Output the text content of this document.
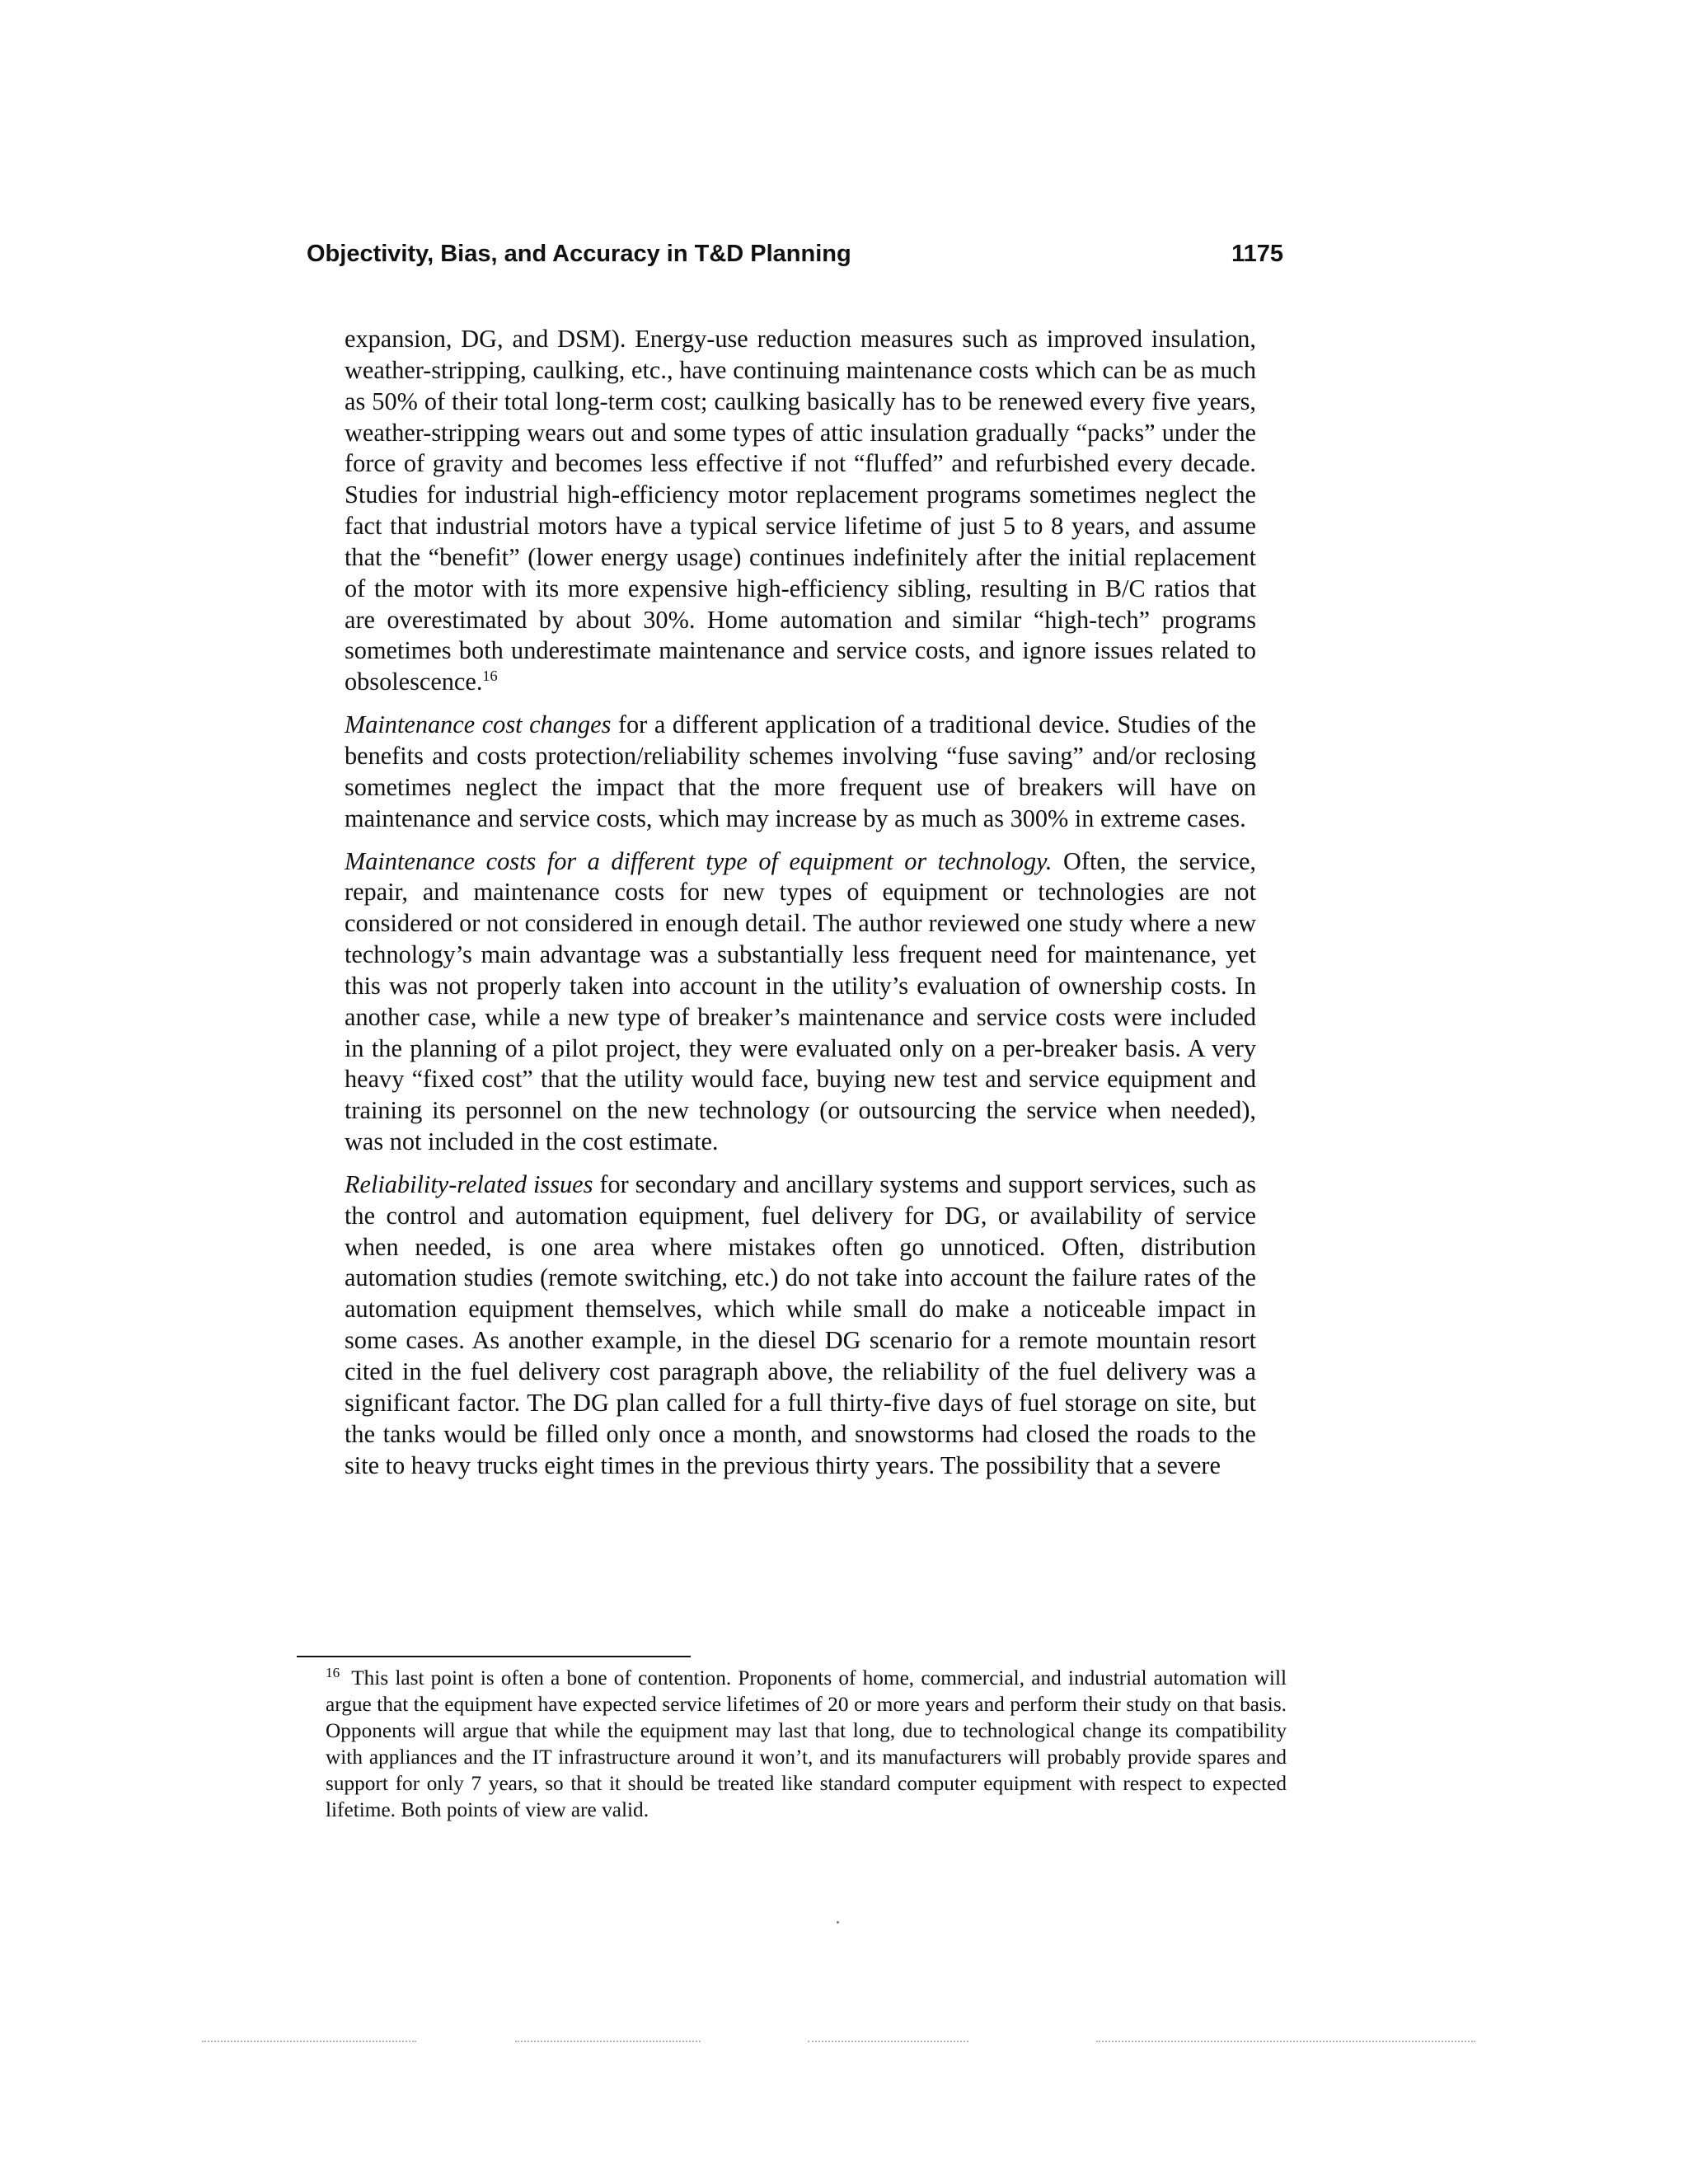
Objectivity, Bias, and Accuracy in T&D Planning	1175

expansion, DG, and DSM). Energy-use reduction measures such as improved insulation, weather-stripping, caulking, etc., have continuing maintenance costs which can be as much as 50% of their total long-term cost; caulking basically has to be renewed every five years, weather-stripping wears out and some types of attic insulation gradually “packs” under the force of gravity and becomes less effective if not “fluffed” and refurbished every decade. Studies for industrial high-efficiency motor replacement programs sometimes neglect the fact that industrial motors have a typical service lifetime of just 5 to 8 years, and assume that the “benefit” (lower energy usage) continues indefinitely after the initial replacement of the motor with its more expensive high-efficiency sibling, resulting in B/C ratios that are overestimated by about 30%. Home automation and similar “high-tech” programs sometimes both underestimate maintenance and service costs, and ignore issues related to obsolescence.$^{16}$

Maintenance cost changes for a different application of a traditional device. Studies of the benefits and costs protection/reliability schemes involving “fuse saving” and/or reclosing sometimes neglect the impact that the more frequent use of breakers will have on maintenance and service costs, which may increase by as much as 300% in extreme cases.

Maintenance costs for a different type of equipment or technology. Often, the service, repair, and maintenance costs for new types of equipment or technologies are not considered or not considered in enough detail. The author reviewed one study where a new technology’s main advantage was a substantially less frequent need for maintenance, yet this was not properly taken into account in the utility’s evaluation of ownership costs. In another case, while a new type of breaker’s maintenance and service costs were included in the planning of a pilot project, they were evaluated only on a per-breaker basis. A very heavy “fixed cost” that the utility would face, buying new test and service equipment and training its personnel on the new technology (or outsourcing the service when needed), was not included in the cost estimate.

Reliability-related issues for secondary and ancillary systems and support services, such as the control and automation equipment, fuel delivery for DG, or availability of service when needed, is one area where mistakes often go unnoticed. Often, distribution automation studies (remote switching, etc.) do not take into account the failure rates of the automation equipment themselves, which while small do make a noticeable impact in some cases. As another example, in the diesel DG scenario for a remote mountain resort cited in the fuel delivery cost paragraph above, the reliability of the fuel delivery was a significant factor. The DG plan called for a full thirty-five days of fuel storage on site, but the tanks would be filled only once a month, and snowstorms had closed the roads to the site to heavy trucks eight times in the previous thirty years. The possibility that a severe

$^{16}$ This last point is often a bone of contention. Proponents of home, commercial, and industrial automation will argue that the equipment have expected service lifetimes of 20 or more years and perform their study on that basis. Opponents will argue that while the equipment may last that long, due to technological change its compatibility with appliances and the IT infrastructure around it won’t, and its manufacturers will probably provide spares and support for only 7 years, so that it should be treated like standard computer equipment with respect to expected lifetime. Both points of view are valid.
